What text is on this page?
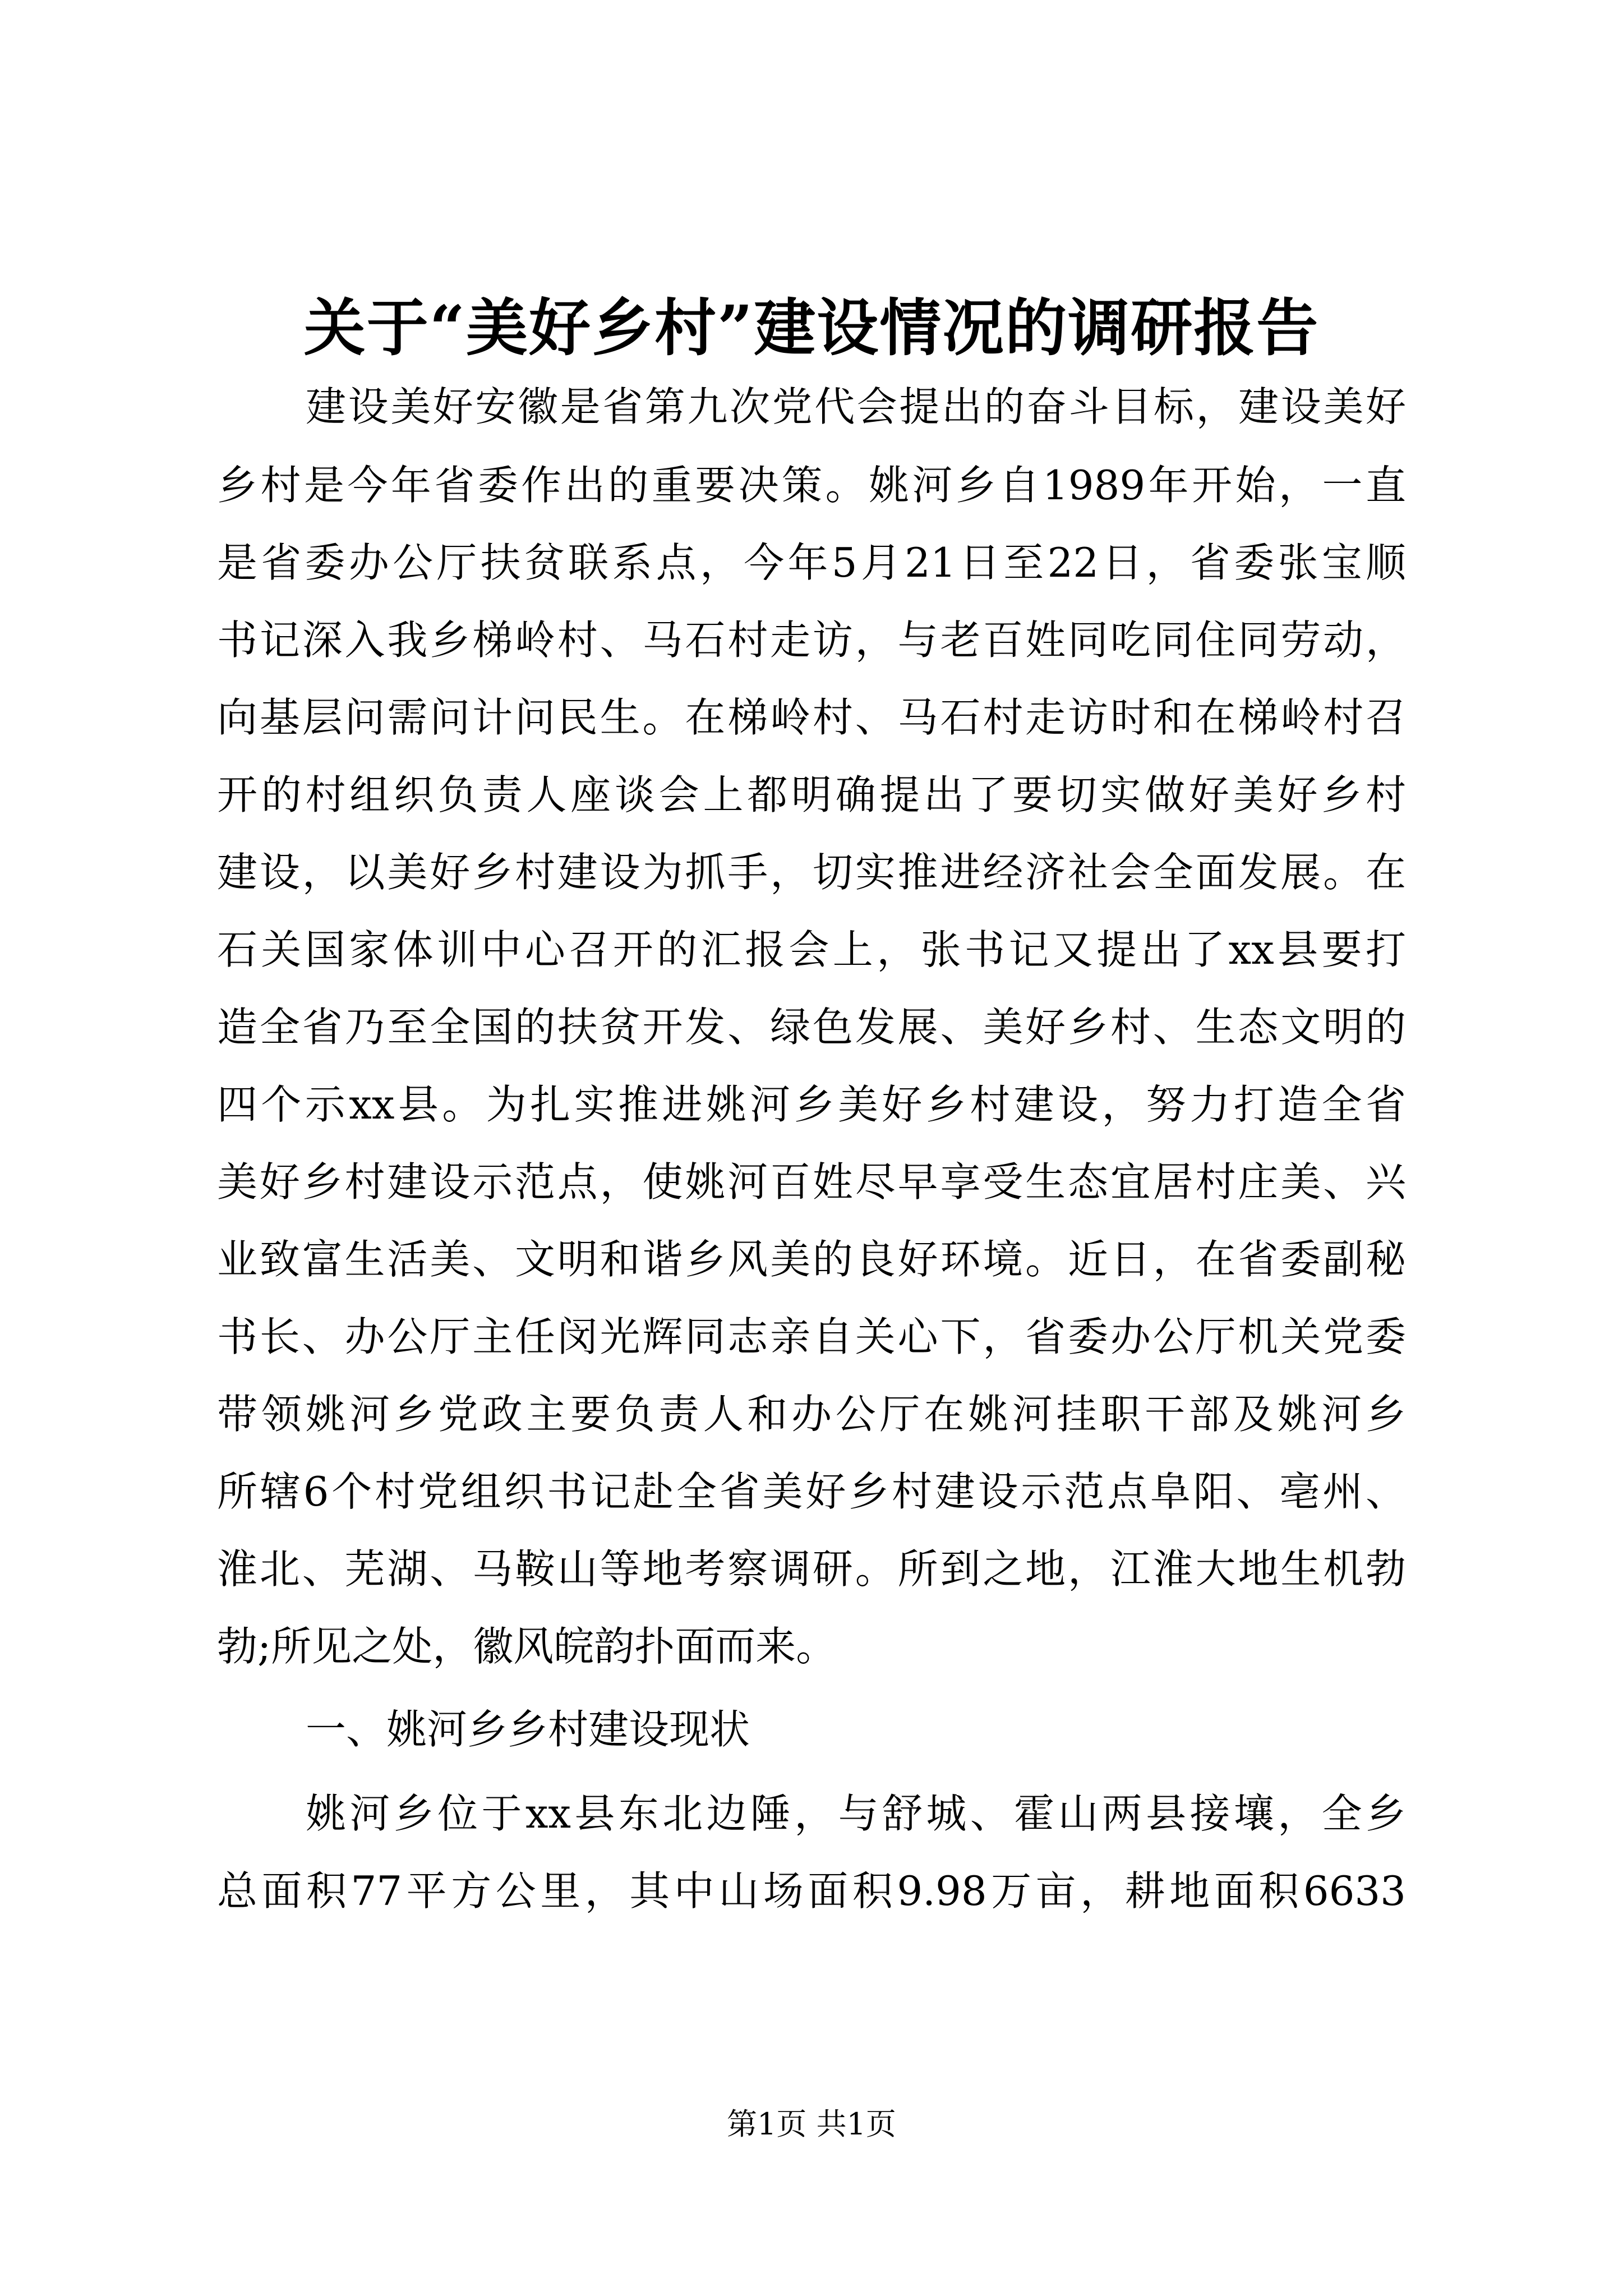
关于“美好乡村”建设情况的调研报告
建设美好安徽是省第九次党代会提出的奋斗目标，建设美好
乡村是今年省委作出的重要决策。姚河乡自1989年开始，一直
是省委办公厅扶贫联系点，今年5月21日至22日，省委张宝顺
书记深入我乡梯岭村、马石村走访，与老百姓同吃同住同劳动，
向基层问需问计问民生。在梯岭村、马石村走访时和在梯岭村召
开的村组织负责人座谈会上都明确提出了要切实做好美好乡村
建设，以美好乡村建设为抓手，切实推进经济社会全面发展。在
石关国家体训中心召开的汇报会上，张书记又提出了xx县要打
造全省乃至全国的扶贫开发、绿色发展、美好乡村、生态文明的
四个示xx县。为扎实推进姚河乡美好乡村建设，努力打造全省
美好乡村建设示范点，使姚河百姓尽早享受生态宜居村庄美、兴
业致富生活美、文明和谐乡风美的良好环境。近日，在省委副秘
书长、办公厅主任闵光辉同志亲自关心下，省委办公厅机关党委
带领姚河乡党政主要负责人和办公厅在姚河挂职干部及姚河乡
所辖6个村党组织书记赴全省美好乡村建设示范点阜阳、亳州、
淮北、芜湖、马鞍山等地考察调研。所到之地，江淮大地生机勃
勃;所见之处，徽风皖韵扑面而来。
一、姚河乡乡村建设现状
姚河乡位于xx县东北边陲，与舒城、霍山两县接壤，全乡
总面积77平方公里，其中山场面积9.98万亩，耕地面积6633
第1页 共1页
